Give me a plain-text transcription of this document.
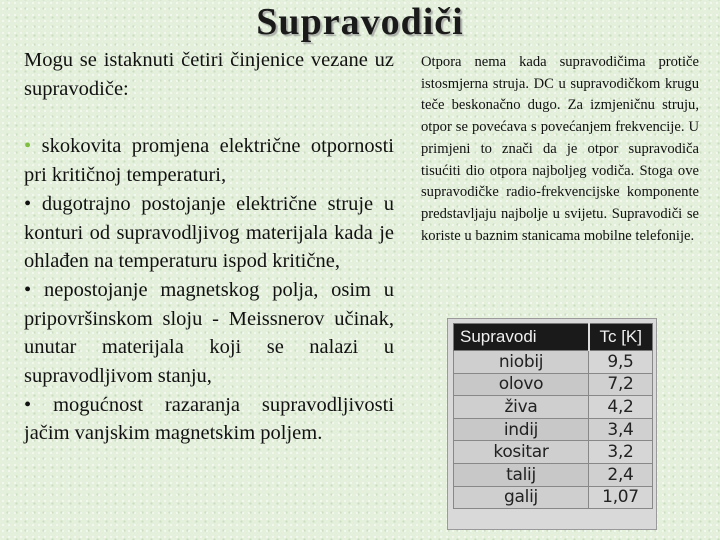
Supravodiči

Mogu se istaknuti četiri činjenice vezane uz supravodiče:

• skokovita promjena električne otpornosti pri kritičnoj temperaturi,

• dugotrajno postojanje električne struje u konturi od supravodljivog materijala kada je ohlađen na temperaturu ispod kritične,

• nepostojanje magnetskog polja, osim u pripovršinskom sloju - Meissnerov učinak, unutar materijala koji se nalazi u supravodljivom stanju,

• mogućnost razaranja supravodljivosti jačim vanjskim magnetskim poljem.

Otpora nema kada supravodičima protiče istosmjerna struja. DC u supravodičkom krugu teče beskonačno dugo. Za izmjeničnu struju, otpor se povećava s povećanjem frekvencije. U primjeni to znači da je otpor supravodiča tisućiti dio otpora najboljeg vodiča. Stoga ove supravodičke radio-frekvencijske komponente predstavljaju najbolje u svijetu. Supravodiči se koriste u baznim stanicama mobilne telefonije.

Supravodi	Tc [K]
niobij	9,5
olovo	7,2
živa	4,2
indij	3,4
kositar	3,2
talij	2,4
galij	1,07
